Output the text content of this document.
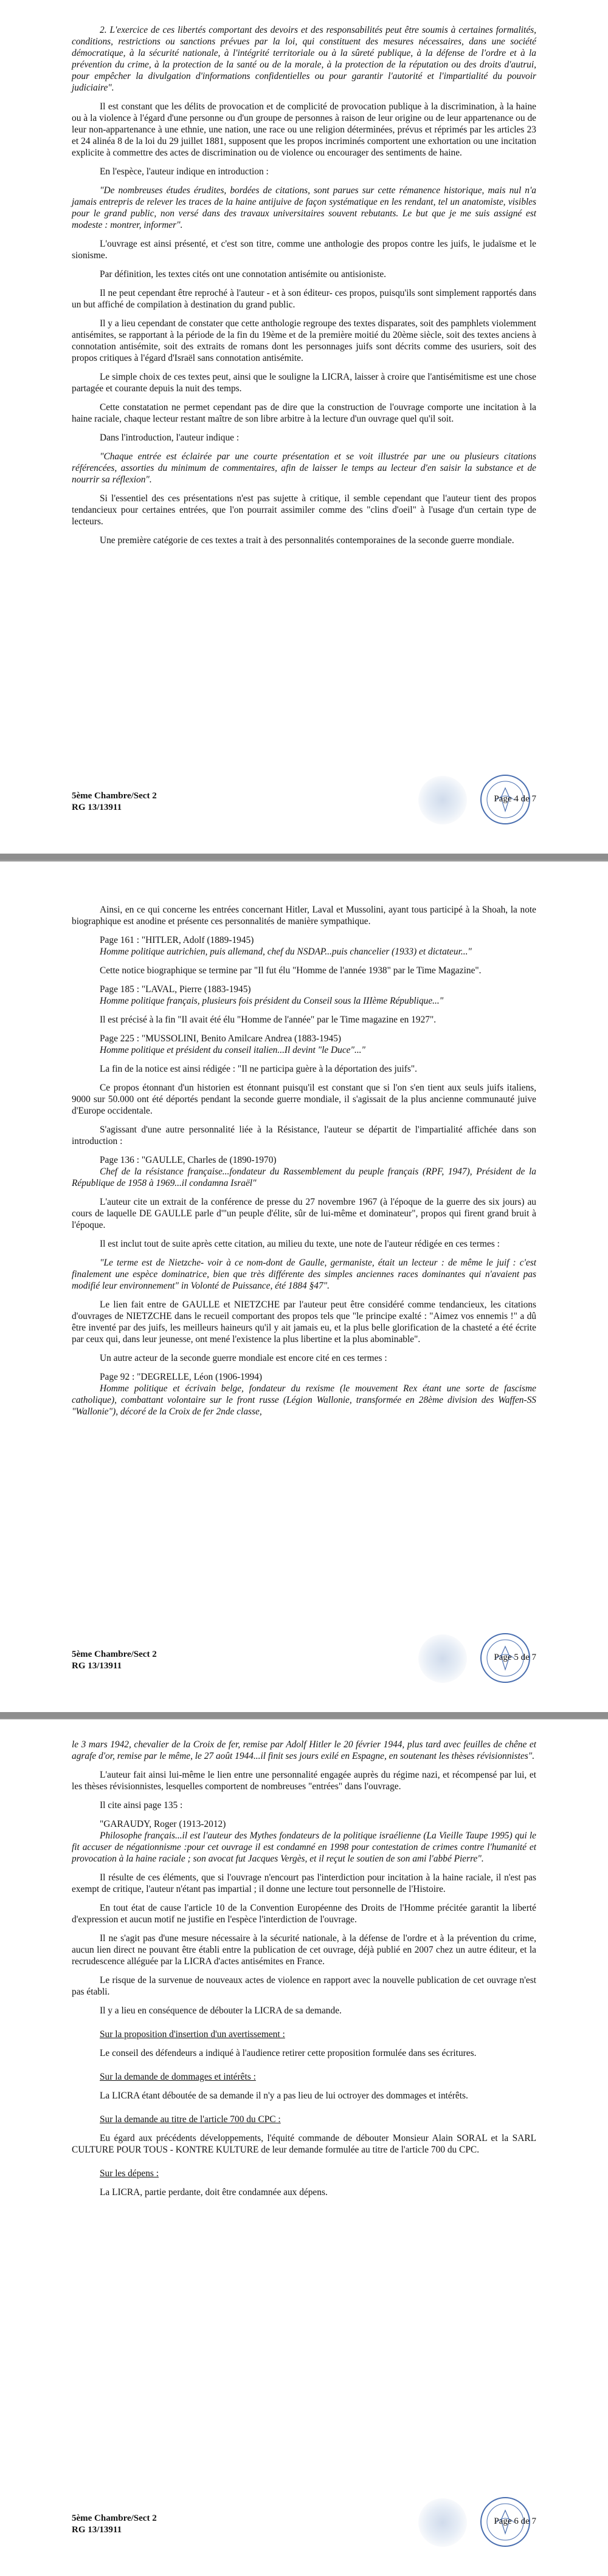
2. L'exercice de ces libertés comportant des devoirs et des responsabilités peut être soumis à certaines formalités, conditions, restrictions ou sanctions prévues par la loi, qui constituent des mesures nécessaires, dans une société démocratique, à la sécurité nationale, à l'intégrité territoriale ou à la sûreté publique, à la défense de l'ordre et à la prévention du crime, à la protection de la santé ou de la morale, à la protection de la réputation ou des droits d'autrui, pour empêcher la divulgation d'informations confidentielles ou pour garantir l'autorité et l'impartialité du pouvoir judiciaire".

Il est constant que les délits de provocation et de complicité de provocation publique à la discrimination, à la haine ou à la violence à l'égard d'une personne ou d'un groupe de personnes à raison de leur origine ou de leur appartenance ou de leur non-appartenance à une ethnie, une nation, une race ou une religion déterminées, prévus et réprimés par les articles 23 et 24 alinéa 8 de la loi du 29 juillet 1881, supposent que les propos incriminés comportent une exhortation ou une incitation explicite à commettre des actes de discrimination ou de violence ou encourager des sentiments de haine.

En l'espèce, l'auteur indique en introduction :

"De nombreuses études érudites, bordées de citations, sont parues sur cette rémanence historique, mais nul n'a jamais entrepris de relever les traces de la haine antijuive de façon systématique en les rendant, tel un anatomiste, visibles pour le grand public, non versé dans des travaux universitaires souvent rebutants. Le but que je me suis assigné est modeste : montrer, informer".

L'ouvrage est ainsi présenté, et c'est son titre, comme une anthologie des propos contre les juifs, le judaïsme et le sionisme.

Par définition, les textes cités ont une connotation antisémite ou antisioniste.

Il ne peut cependant être reproché à l'auteur - et à son éditeur- ces propos, puisqu'ils sont simplement rapportés dans un but affiché de compilation à destination du grand public.

Il y a lieu cependant de constater que cette anthologie regroupe des textes disparates, soit des pamphlets violemment antisémites, se rapportant à la période de la fin du 19ème et de la première moitié du 20ème siècle, soit des textes anciens à connotation antisémite, soit des extraits de romans dont les personnages juifs sont décrits comme des usuriers, soit des propos critiques à l'égard d'Israël sans connotation antisémite.

Le simple choix de ces textes peut, ainsi que le souligne la LICRA, laisser à croire que l'antisémitisme est une chose partagée et courante depuis la nuit des temps.

Cette constatation ne permet cependant pas de dire que la construction de l'ouvrage comporte une incitation à la haine raciale, chaque lecteur restant maître de son libre arbitre à la lecture d'un ouvrage quel qu'il soit.

Dans l'introduction, l'auteur indique :

"Chaque entrée est éclairée par une courte présentation et se voit illustrée par une ou plusieurs citations référencées, assorties du minimum de commentaires, afin de laisser le temps au lecteur d'en saisir la substance et de nourrir sa réflexion".

Si l'essentiel des ces présentations n'est pas sujette à critique, il semble cependant que l'auteur tient des propos tendancieux pour certaines entrées, que l'on pourrait assimiler comme des "clins d'oeil" à l'usage d'un certain type de lecteurs.

Une première catégorie de ces textes a trait à des personnalités contemporaines de la seconde guerre mondiale.

5ème Chambre/Sect 2
RG 13/13911
Page 4 de 7

Ainsi, en ce qui concerne les entrées concernant Hitler, Laval et Mussolini, ayant tous participé à la Shoah, la note biographique est anodine et présente ces personnalités de manière sympathique.

Page 161 : "HITLER, Adolf (1889-1945)
Homme politique autrichien, puis allemand, chef du NSDAP...puis chancelier (1933) et dictateur..."

Cette notice biographique se termine par "Il fut élu "Homme de l'année 1938" par le Time Magazine".

Page 185 : "LAVAL, Pierre (1883-1945)
Homme politique français, plusieurs fois président du Conseil sous la IIIème République..."

Il est précisé à la fin "Il avait été élu "Homme de l'année" par le Time magazine en 1927".

Page 225 : "MUSSOLINI, Benito Amilcare Andrea (1883-1945)
Homme politique et président du conseil italien...Il devint "le Duce"..."

La fin de la notice est ainsi rédigée : "Il ne participa guère à la déportation des juifs".

Ce propos étonnant d'un historien est étonnant puisqu'il est constant que si l'on s'en tient aux seuls juifs italiens, 9000 sur 50.000 ont été déportés pendant la seconde guerre mondiale, il s'agissait de la plus ancienne communauté juive d'Europe occidentale.

S'agissant d'une autre personnalité liée à la Résistance, l'auteur se départit de l'impartialité affichée dans son introduction :

Page 136 : "GAULLE, Charles de (1890-1970)
Chef de la résistance française...fondateur du Rassemblement du peuple français (RPF, 1947), Président de la République de 1958 à 1969...il condamna Israël"

L'auteur cite un extrait de la conférence de presse du 27 novembre 1967 (à l'époque de la guerre des six jours) au cours de laquelle DE GAULLE parle d'"un peuple d'élite, sûr de lui-même et dominateur", propos qui firent grand bruit à l'époque.

Il est inclut tout de suite après cette citation, au milieu du texte, une note de l'auteur rédigée en ces termes :

"Le terme est de Nietzche- voir à ce nom-dont de Gaulle, germaniste, était un lecteur : de même le juif : c'est finalement une espèce dominatrice, bien que très différente des simples anciennes races dominantes qui n'avaient pas modifié leur environnement" in Volonté de Puissance, été 1884 §47".

Le lien fait entre de GAULLE et NIETZCHE par l'auteur peut être considéré comme tendancieux, les citations d'ouvrages de NIETZCHE dans le recueil comportant des propos tels que "le principe exalté : "Aimez vos ennemis !" a dû être inventé par des juifs, les meilleurs haineurs qu'il y ait jamais eu, et la plus belle glorification de la chasteté a été écrite par ceux qui, dans leur jeunesse, ont mené l'existence la plus libertine et la plus abominable".

Un autre acteur de la seconde guerre mondiale est encore cité en ces termes :

Page 92 : "DEGRELLE, Léon (1906-1994)
Homme politique et écrivain belge, fondateur du rexisme (le mouvement Rex étant une sorte de fascisme catholique), combattant volontaire sur le front russe (Légion Wallonie, transformée en 28ème division des Waffen-SS "Wallonie"), décoré de la Croix de fer 2nde classe,
5ème Chambre/Sect 2
RG 13/13911
Page 5 de 7

le 3 mars 1942, chevalier de la Croix de fer, remise par Adolf Hitler le 20 février 1944, plus tard avec feuilles de chêne et agrafe d'or, remise par le même, le 27 août 1944...il finit ses jours exilé en Espagne, en soutenant les thèses révisionnistes".

L'auteur fait ainsi lui-même le lien entre une personnalité engagée auprès du régime nazi, et récompensé par lui, et les thèses révisionnistes, lesquelles comportent de nombreuses "entrées" dans l'ouvrage.

Il cite ainsi page 135 :

"GARAUDY, Roger (1913-2012)
Philosophe français...il est l'auteur des Mythes fondateurs de la politique israélienne (La Vieille Taupe 1995) qui le fit accuser de négationnisme :pour cet ouvrage il est condamné en 1998 pour contestation de crimes contre l'humanité et provocation à la haine raciale ; son avocat fut Jacques Vergès, et il reçut le soutien de son ami l'abbé Pierre".

Il résulte de ces éléments, que si l'ouvrage n'encourt pas l'interdiction pour incitation à la haine raciale, il n'est pas exempt de critique, l'auteur n'étant pas impartial ; il donne une lecture tout personnelle de l'Histoire.

En tout état de cause l'article 10 de la Convention Européenne des Droits de l'Homme précitée garantit la liberté d'expression et aucun motif ne justifie en l'espèce l'interdiction de l'ouvrage.

Il ne s'agit pas d'une mesure nécessaire à la sécurité nationale, à la défense de l'ordre et à la prévention du crime, aucun lien direct ne pouvant être établi entre la publication de cet ouvrage, déjà publié en 2007 chez un autre éditeur, et la recrudescence alléguée par la LICRA d'actes antisémites en France.

Le risque de la survenue de nouveaux actes de violence en rapport avec la nouvelle publication de cet ouvrage n'est pas établi.

Il y a lieu en conséquence de débouter la LICRA de sa demande.

Sur la proposition d'insertion d'un avertissement :

Le conseil des défendeurs a indiqué à l'audience retirer cette proposition formulée dans ses écritures.

Sur la demande de dommages et intérêts :

La LICRA étant déboutée de sa demande il n'y a pas lieu de lui octroyer des dommages et intérêts.

Sur la demande au titre de l'article 700 du CPC :

Eu égard aux précédents développements, l'équité commande de débouter Monsieur Alain SORAL et la SARL CULTURE POUR TOUS - KONTRE KULTURE de leur demande formulée au titre de l'article 700 du CPC.

Sur les dépens :

La LICRA, partie perdante, doit être condamnée aux dépens.

5ème Chambre/Sect 2
RG 13/13911
Page 6 de 7
